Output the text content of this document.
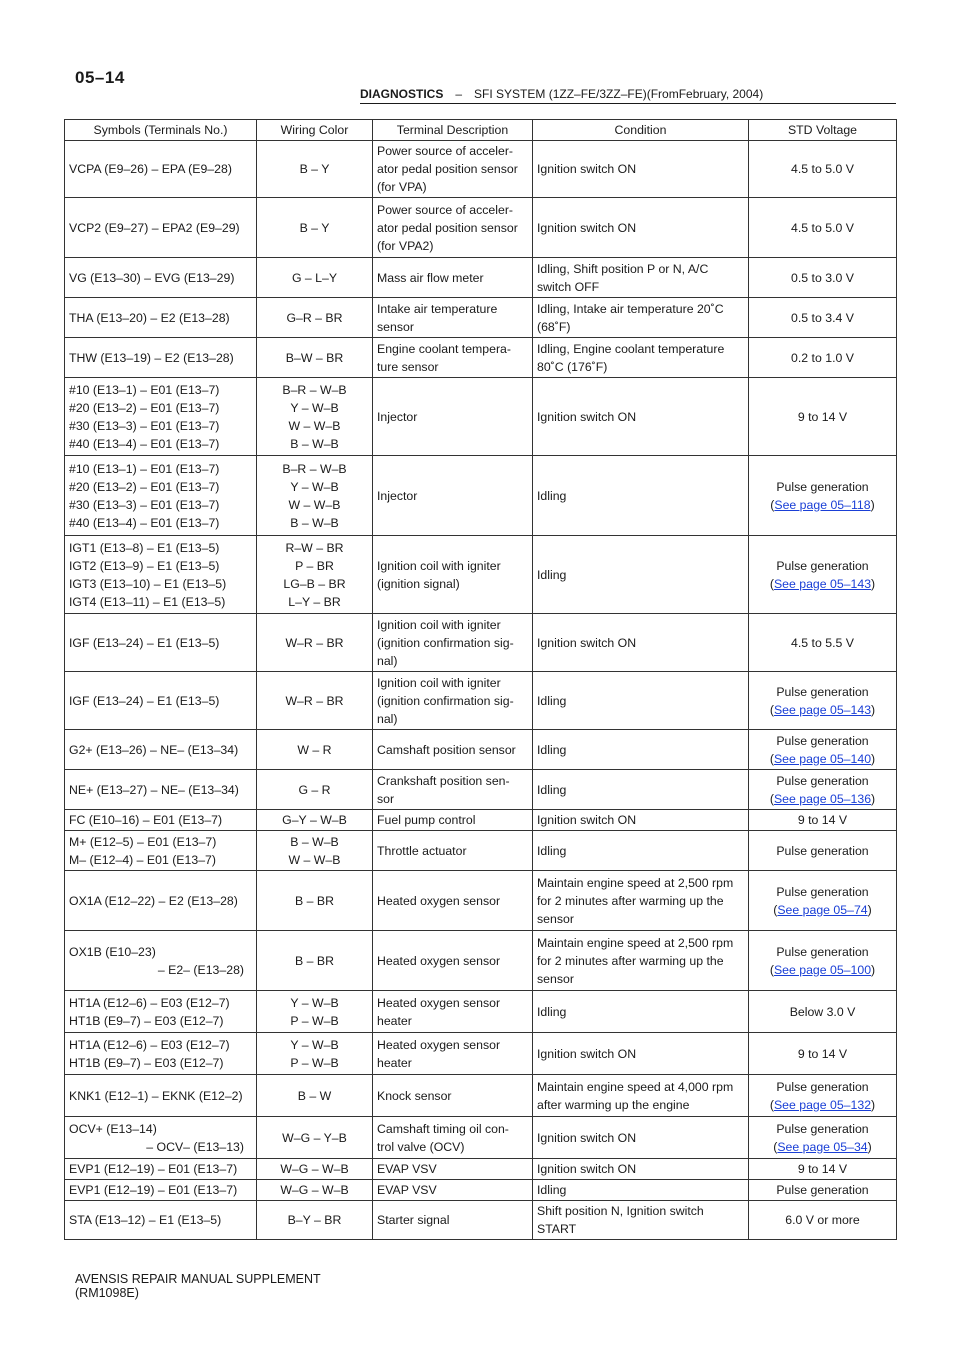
05–14
DIAGNOSTICS – SFI SYSTEM (1ZZ–FE/3ZZ–FE)(FromFebruary, 2004)
Symbols (Terminals No.)	Wiring Color	Terminal Description	Condition	STD Voltage

VCPA (E9–26) – EPA (E9–28)	B – Y	Power source of acceler-
ator pedal position sensor
(for VPA)	Ignition switch ON	4.5 to 5.0 V

VCP2 (E9–27) – EPA2 (E9–29)	B – Y	Power source of acceler-
ator pedal position sensor
(for VPA2)	Ignition switch ON	4.5 to 5.0 V

VG (E13–30) – EVG (E13–29)	G – L–Y	Mass air flow meter	Idling, Shift position P or N, A/C
switch OFF	0.5 to 3.0 V

THA (E13–20) – E2 (E13–28)	G–R – BR	Intake air temperature
sensor	Idling, Intake air temperature 20˚C
(68˚F)	0.5 to 3.4 V

THW (E13–19) – E2 (E13–28)	B–W – BR	Engine coolant tempera-
ture sensor	Idling, Engine coolant temperature
80˚C (176˚F)	0.2 to 1.0 V

#10 (E13–1) – E01 (E13–7)
#20 (E13–2) – E01 (E13–7)
#30 (E13–3) – E01 (E13–7)
#40 (E13–4) – E01 (E13–7)	B–R – W–B
Y – W–B
W – W–B
B – W–B	Injector	Ignition switch ON	9 to 14 V

#10 (E13–1) – E01 (E13–7)
#20 (E13–2) – E01 (E13–7)
#30 (E13–3) – E01 (E13–7)
#40 (E13–4) – E01 (E13–7)	B–R – W–B
Y – W–B
W – W–B
B – W–B	Injector	Idling	Pulse generation
(See page 05–118)

IGT1 (E13–8) – E1 (E13–5)
IGT2 (E13–9) – E1 (E13–5)
IGT3 (E13–10) – E1 (E13–5)
IGT4 (E13–11) – E1 (E13–5)	R–W – BR
P – BR
LG–B – BR
L–Y – BR	Ignition coil with igniter
(ignition signal)	Idling	Pulse generation
(See page 05–143)

IGF (E13–24) – E1 (E13–5)	W–R – BR	Ignition coil with igniter
(ignition confirmation sig-
nal)	Ignition switch ON	4.5 to 5.5 V

IGF (E13–24) – E1 (E13–5)	W–R – BR	Ignition coil with igniter
(ignition confirmation sig-
nal)	Idling	Pulse generation
(See page 05–143)

G2+ (E13–26) – NE– (E13–34)	W – R	Camshaft position sensor	Idling	Pulse generation
(See page 05–140)

NE+ (E13–27) – NE– (E13–34)	G – R	Crankshaft position sen-
sor	Idling	Pulse generation
(See page 05–136)

FC (E10–16) – E01 (E13–7)	G–Y – W–B	Fuel pump control	Ignition switch ON	9 to 14 V

M+ (E12–5) – E01 (E13–7)
M– (E12–4) – E01 (E13–7)	B – W–B
W – W–B	Throttle actuator	Idling	Pulse generation

OX1A (E12–22) – E2 (E13–28)	B – BR	Heated oxygen sensor	Maintain engine speed at 2,500 rpm
for 2 minutes after warming up the
sensor	Pulse generation
(See page 05–74)

OX1B (E10–23)
– E2– (E13–28)	B – BR	Heated oxygen sensor	Maintain engine speed at 2,500 rpm
for 2 minutes after warming up the
sensor	Pulse generation
(See page 05–100)

HT1A (E12–6) – E03 (E12–7)
HT1B (E9–7) – E03 (E12–7)	Y – W–B
P – W–B	Heated oxygen sensor
heater	Idling	Below 3.0 V

HT1A (E12–6) – E03 (E12–7)
HT1B (E9–7) – E03 (E12–7)	Y – W–B
P – W–B	Heated oxygen sensor
heater	Ignition switch ON	9 to 14 V

KNK1 (E12–1) – EKNK (E12–2)	B – W	Knock sensor	Maintain engine speed at 4,000 rpm
after warming up the engine	Pulse generation
(See page 05–132)

OCV+ (E13–14)
– OCV– (E13–13)	W–G – Y–B	Camshaft timing oil con-
trol valve (OCV)	Ignition switch ON	Pulse generation
(See page 05–34)

EVP1 (E12–19) – E01 (E13–7)	W–G – W–B	EVAP VSV	Ignition switch ON	9 to 14 V

EVP1 (E12–19) – E01 (E13–7)	W–G – W–B	EVAP VSV	Idling	Pulse generation

STA (E13–12) – E1 (E13–5)	B–Y – BR	Starter signal	Shift position N, Ignition switch
START	6.0 V or more
AVENSIS REPAIR MANUAL SUPPLEMENT
(RM1098E)
